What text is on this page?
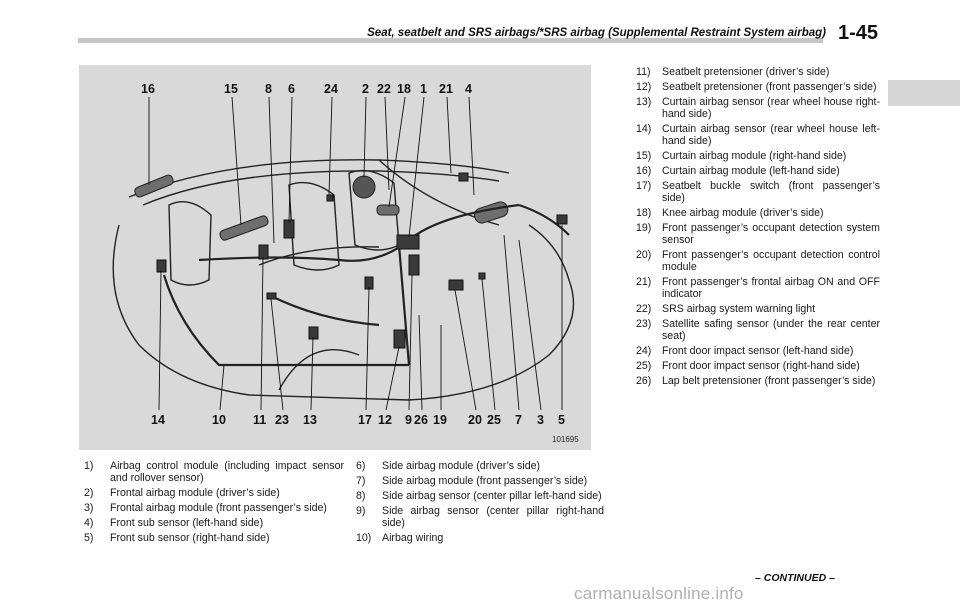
Seat, seatbelt and SRS airbags/*SRS airbag (Supplemental Restraint System airbag) 1-45
16	15 8 6 24 2 22 18 1 21 4
14	10 11 23 13	17 12 9 26 19 20 25 7 3 5
101695
1)	Airbag control module (including impact sensor and rollover sensor)
2)	Frontal airbag module (driver’s side)
3)	Frontal airbag module (front passenger’s side)
4)	Front sub sensor (left-hand side)
5)	Front sub sensor (right-hand side)
6)	Side airbag module (driver’s side)
7)	Side airbag module (front passenger’s side)
8)	Side airbag sensor (center pillar left-hand side)
9)	Side airbag sensor (center pillar right-hand side)
10)	Airbag wiring
11)	Seatbelt pretensioner (driver’s side)
12)	Seatbelt pretensioner (front passenger’s side)
13)	Curtain airbag sensor (rear wheel house right-hand side)
14)	Curtain airbag sensor (rear wheel house left-hand side)
15)	Curtain airbag module (right-hand side)
16)	Curtain airbag module (left-hand side)
17)	Seatbelt buckle switch (front passenger’s side)
18)	Knee airbag module (driver’s side)
19)	Front passenger’s occupant detection system sensor
20)	Front passenger’s occupant detection control module
21)	Front passenger’s frontal airbag ON and OFF indicator
22)	SRS airbag system warning light
23)	Satellite safing sensor (under the rear center seat)
24)	Front door impact sensor (left-hand side)
25)	Front door impact sensor (right-hand side)
26)	Lap belt pretensioner (front passenger’s side)
– CONTINUED –
carmanualsonline.info
